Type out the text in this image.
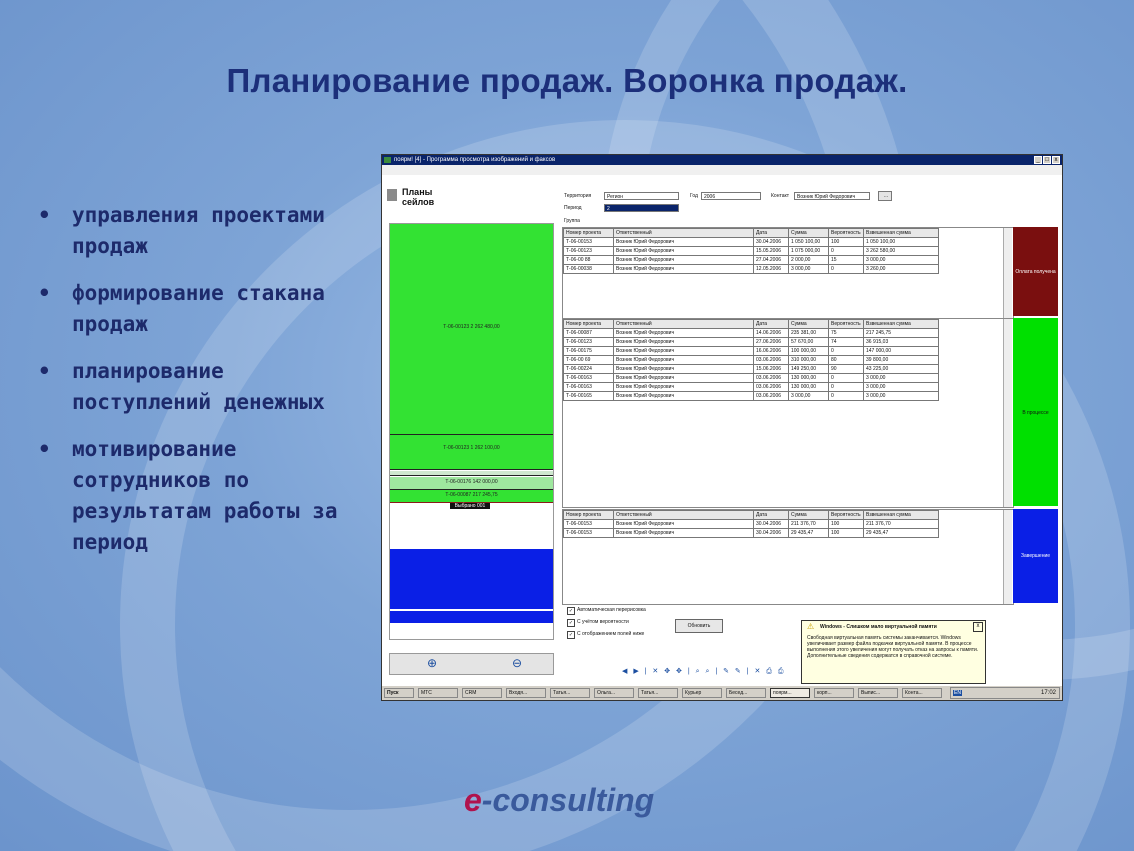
Планирование продаж. Воронка продаж.
• управления проектами продаж
• формирование стакана продаж
• планирование поступлений денежных
• мотивирование сотрудников по результатам работы за период
поярм! [4] - Программа просмотра изображений и факсов	_ □ x
Планы сейлов
Т-06-00123 2 262 480,00
Т-06-00123 1 262 100,00
Т-06-00176 142 000,00
Т-06-00087 217 245,75
Выбрано 001 262
⊕	⊖
Территория	Регион	Год	2006	Контакт	Возник Юрий Федорович	...
Период	2
Группа
Номер проекта	Ответственный	Дата	Сумма	Вероятность	Взвешенная сумма
Т-06-00153	Возник Юрий Федорович	30.04.2006	1 050 100,00	100	1 050 100,00
Т-06-00123	Возник Юрий Федорович	15.05.2006	1 075 000,00	0	3 262 580,00
Т-06-00 88	Возник Юрий Федорович	27.04.2006	2 000,00	15	3 000,00
Т-06-00038	Возник Юрий Федорович	12.05.2006	3 000,00	0	3 260,00	Оплата получена
Номер проекта	Ответственный	Дата	Сумма	Вероятность	Взвешенная сумма
Т-06-00087	Возник Юрий Федорович	14.06.2006	235 381,00	75	217 245,75
Т-06-00123	Возник Юрий Федорович	27.06.2006	57 670,00	74	36 915,03
Т-06-00175	Возник Юрий Федорович	16.06.2006	100 000,00	0	147 000,00
Т-06-00 69	Возник Юрий Федорович	03.06.2006	310 000,00	80	39 800,00
Т-06-00224	Возник Юрий Федорович	15.06.2006	149 250,00	90	43 225,00
Т-06-00163	Возник Юрий Федорович	03.06.2006	130 000,00	0	3 000,00
Т-06-00163	Возник Юрий Федорович	03.06.2006	130 000,00	0	3 000,00
Т-06-00165	Возник Юрий Федорович	03.06.2006	3 000,00	0	3 000,00
В процессе
Номер проекта	Ответственный	Дата	Сумма	Вероятность	Взвешенная сумма
Т-06-00153	Возник Юрий Федорович	30.04.2006	211 376,70	100	211 376,70
Т-06-00153	Возник Юрий Федорович	30.04.2006	29 435,47	100	29 435,47
Завершение
✓ Автоматическая перерисовка
✓ С учётом вероятности
✓ С отображением полей ниже
Обновить	⚠ Windows - Слишком мало виртуальной памяти	x
Свободная виртуальная память системы заканчивается. Windows увеличивает размер файла подкачки виртуальной памяти. В процессе выполнения этого увеличения могут получать отказ на запросы к памяти. Дополнительные сведения содержатся в справочной системе.
◀ ▶ | ✕ ✥ ✥ | ⌕ ⌕ | ✎ ✎ | ✕ ⎙ ⎙
Пуск	МТС	CRM	Входя...	Татья...	Ольга...	Татья...	Курьер	Бесед...	поярм...	корп...	Выпис...	Конта...	EN	17:02
e-consulting
